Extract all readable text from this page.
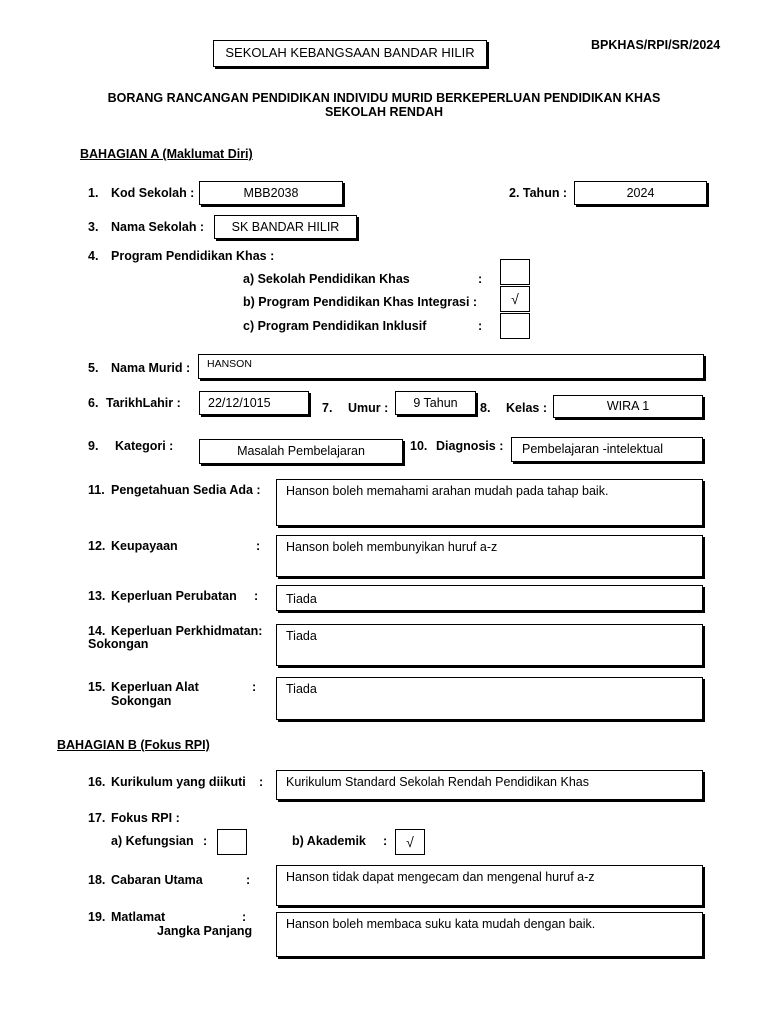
SEKOLAH KEBANGSAAN BANDAR HILIR	BPKHAS/RPI/SR/2024
BORANG RANCANGAN PENDIDIKAN INDIVIDU MURID BERKEPERLUAN PENDIDIKAN KHAS
SEKOLAH RENDAH
BAHAGIAN A (Maklumat Diri)
1. Kod Sekolah :	MBB2038	2. Tahun :	2024
3. Nama Sekolah :	SK BANDAR HILIR
4. Program Pendidikan Khas :
a) Sekolah Pendidikan Khas	:
b) Program Pendidikan Khas Integrasi :	√
c) Program Pendidikan Inklusif	:
5. Nama Murid :	HANSON
6. TarikhLahir :	22/12/1015	7. Umur :	9 Tahun	8. Kelas :	WIRA 1
9. Kategori :	Masalah Pembelajaran	10. Diagnosis :	Pembelajaran -intelektual
11. Pengetahuan Sedia Ada :	Hanson boleh memahami arahan mudah pada tahap baik.
12. Keupayaan	:	Hanson boleh membunyikan huruf a-z
13. Keperluan Perubatan :	Tiada
14. Keperluan Perkhidmatan:
Sokongan
Tiada
15. Keperluan Alat	:
Sokongan
Tiada
BAHAGIAN B (Fokus RPI)
16. Kurikulum yang diikuti :	Kurikulum Standard Sekolah Rendah Pendidikan Khas
17. Fokus RPI :
a) Kefungsian :	b) Akademik :	√
18. Cabaran Utama	:	Hanson tidak dapat mengecam dan mengenal huruf a-z
19. Matlamat	:
Jangka Panjang	Hanson boleh membaca suku kata mudah dengan baik.
